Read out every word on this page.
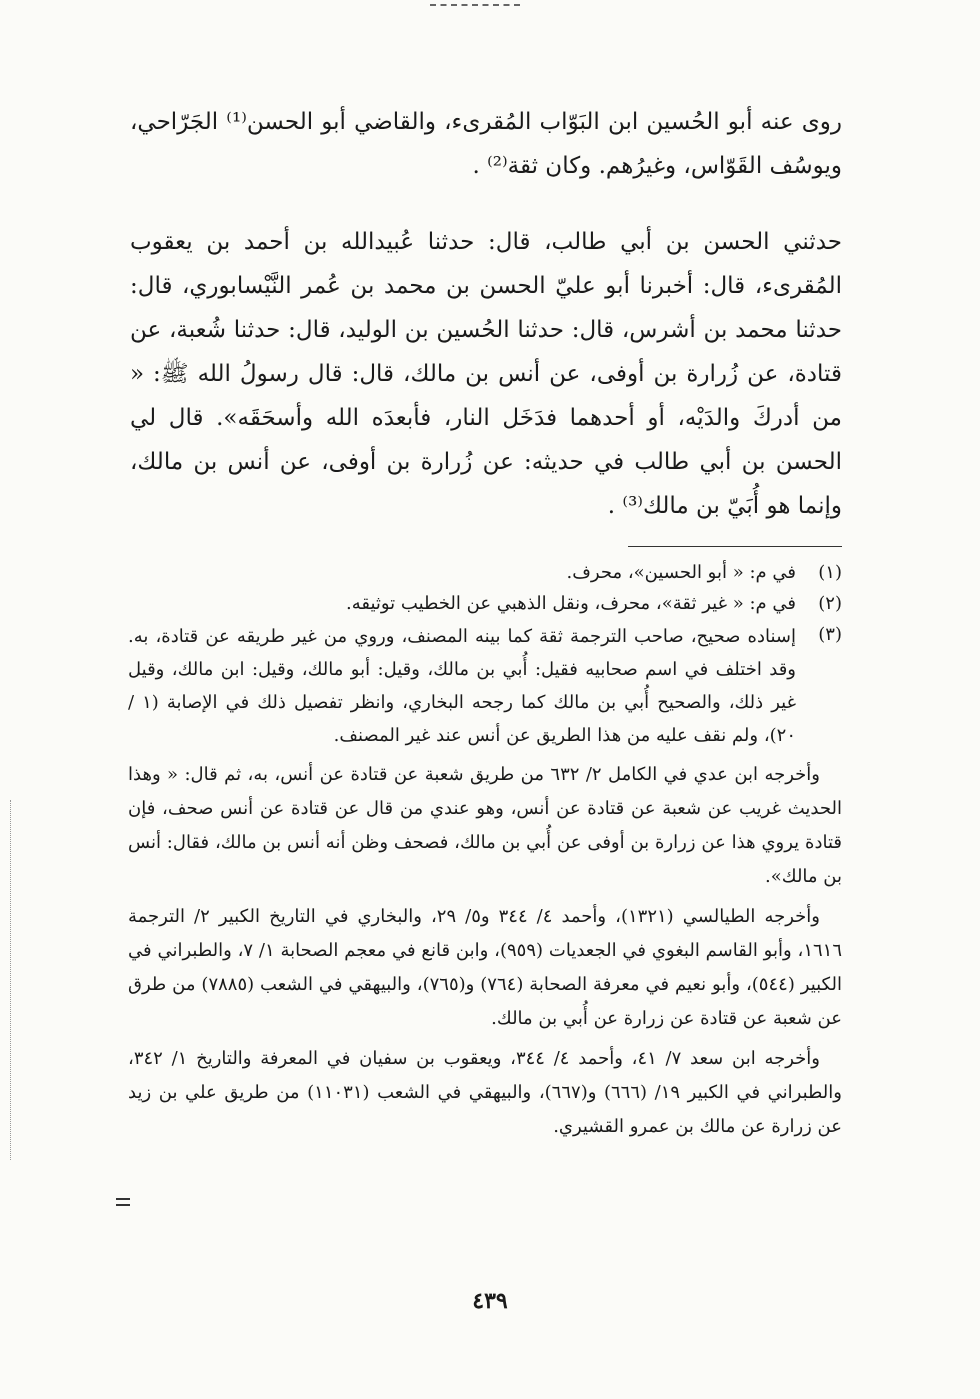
روى عنه أبو الحُسين ابن البَوّاب المُقرىء، والقاضي أبو الحسن⁽¹⁾ الجَرّاحي، ويوسُف القَوّاس، وغيرُهم. وكان ثقة⁽²⁾ .

حدثني الحسن بن أبي طالب، قال: حدثنا عُبيدالله بن أحمد بن يعقوب المُقرىء، قال: أخبرنا أبو عليّ الحسن بن محمد بن عُمر النَّيْسابوري، قال: حدثنا محمد بن أشرس، قال: حدثنا الحُسين بن الوليد، قال: حدثنا شُعبة، عن قتادة، عن زُرارة بن أوفى، عن أنس بن مالك، قال: قال رسولُ الله ﷺ: « من أدركَ والدَيْه، أو أحدهما فدَخَل النار، فأبعدَه الله وأسحَقَه». قال لي الحسن بن أبي طالب في حديثه: عن زُرارة بن أوفى، عن أنس بن مالك، وإنما هو أُبَيّ بن مالك⁽³⁾ .

(١)
في م: « أبو الحسين»، محرف.
(٢)
في م: « غير ثقة»، محرف، ونقل الذهبي عن الخطيب توثيقه.
(٣)
إسناده صحيح، صاحب الترجمة ثقة كما بينه المصنف، وروي من غير طريقه عن قتادة، به. وقد اختلف في اسم صحابيه فقيل: أُبي بن مالك، وقيل: أبو مالك، وقيل: ابن مالك، وقيل غير ذلك، والصحيح أُبي بن مالك كما رجحه البخاري، وانظر تفصيل ذلك في الإصابة (١ / ٢٠)، ولم نقف عليه من هذا الطريق عن أنس عند غير المصنف.

وأخرجه ابن عدي في الكامل ٢/ ٦٣٢ من طريق شعبة عن قتادة عن أنس، به، ثم قال: « وهذا الحديث غريب عن شعبة عن قتادة عن أنس، وهو عندي من قال عن قتادة عن أنس صحف، فإن قتادة يروي هذا عن زرارة بن أوفى عن أُبي بن مالك، فصحف وظن أنه أنس بن مالك، فقال: أنس بن مالك».

وأخرجه الطيالسي (١٣٢١)، وأحمد ٤/ ٣٤٤ و٥/ ٢٩، والبخاري في التاريخ الكبير ٢/ الترجمة ١٦١٦، وأبو القاسم البغوي في الجعديات (٩٥٩)، وابن قانع في معجم الصحابة ١/ ٧، والطبراني في الكبير (٥٤٤)، وأبو نعيم في معرفة الصحابة (٧٦٤) و(٧٦٥)، والبيهقي في الشعب (٧٨٨٥) من طرق عن شعبة عن قتادة عن زرارة عن أُبي بن مالك.

وأخرجه ابن سعد ٧/ ٤١، وأحمد ٤/ ٣٤٤، ويعقوب بن سفيان في المعرفة والتاريخ ١/ ٣٤٢، والطبراني في الكبير ١٩/ (٦٦٦) و(٦٦٧)، والبيهقي في الشعب (١١٠٣١) من طريق علي بن زيد عن زرارة عن مالك بن عمرو القشيري.

٤٣٩
